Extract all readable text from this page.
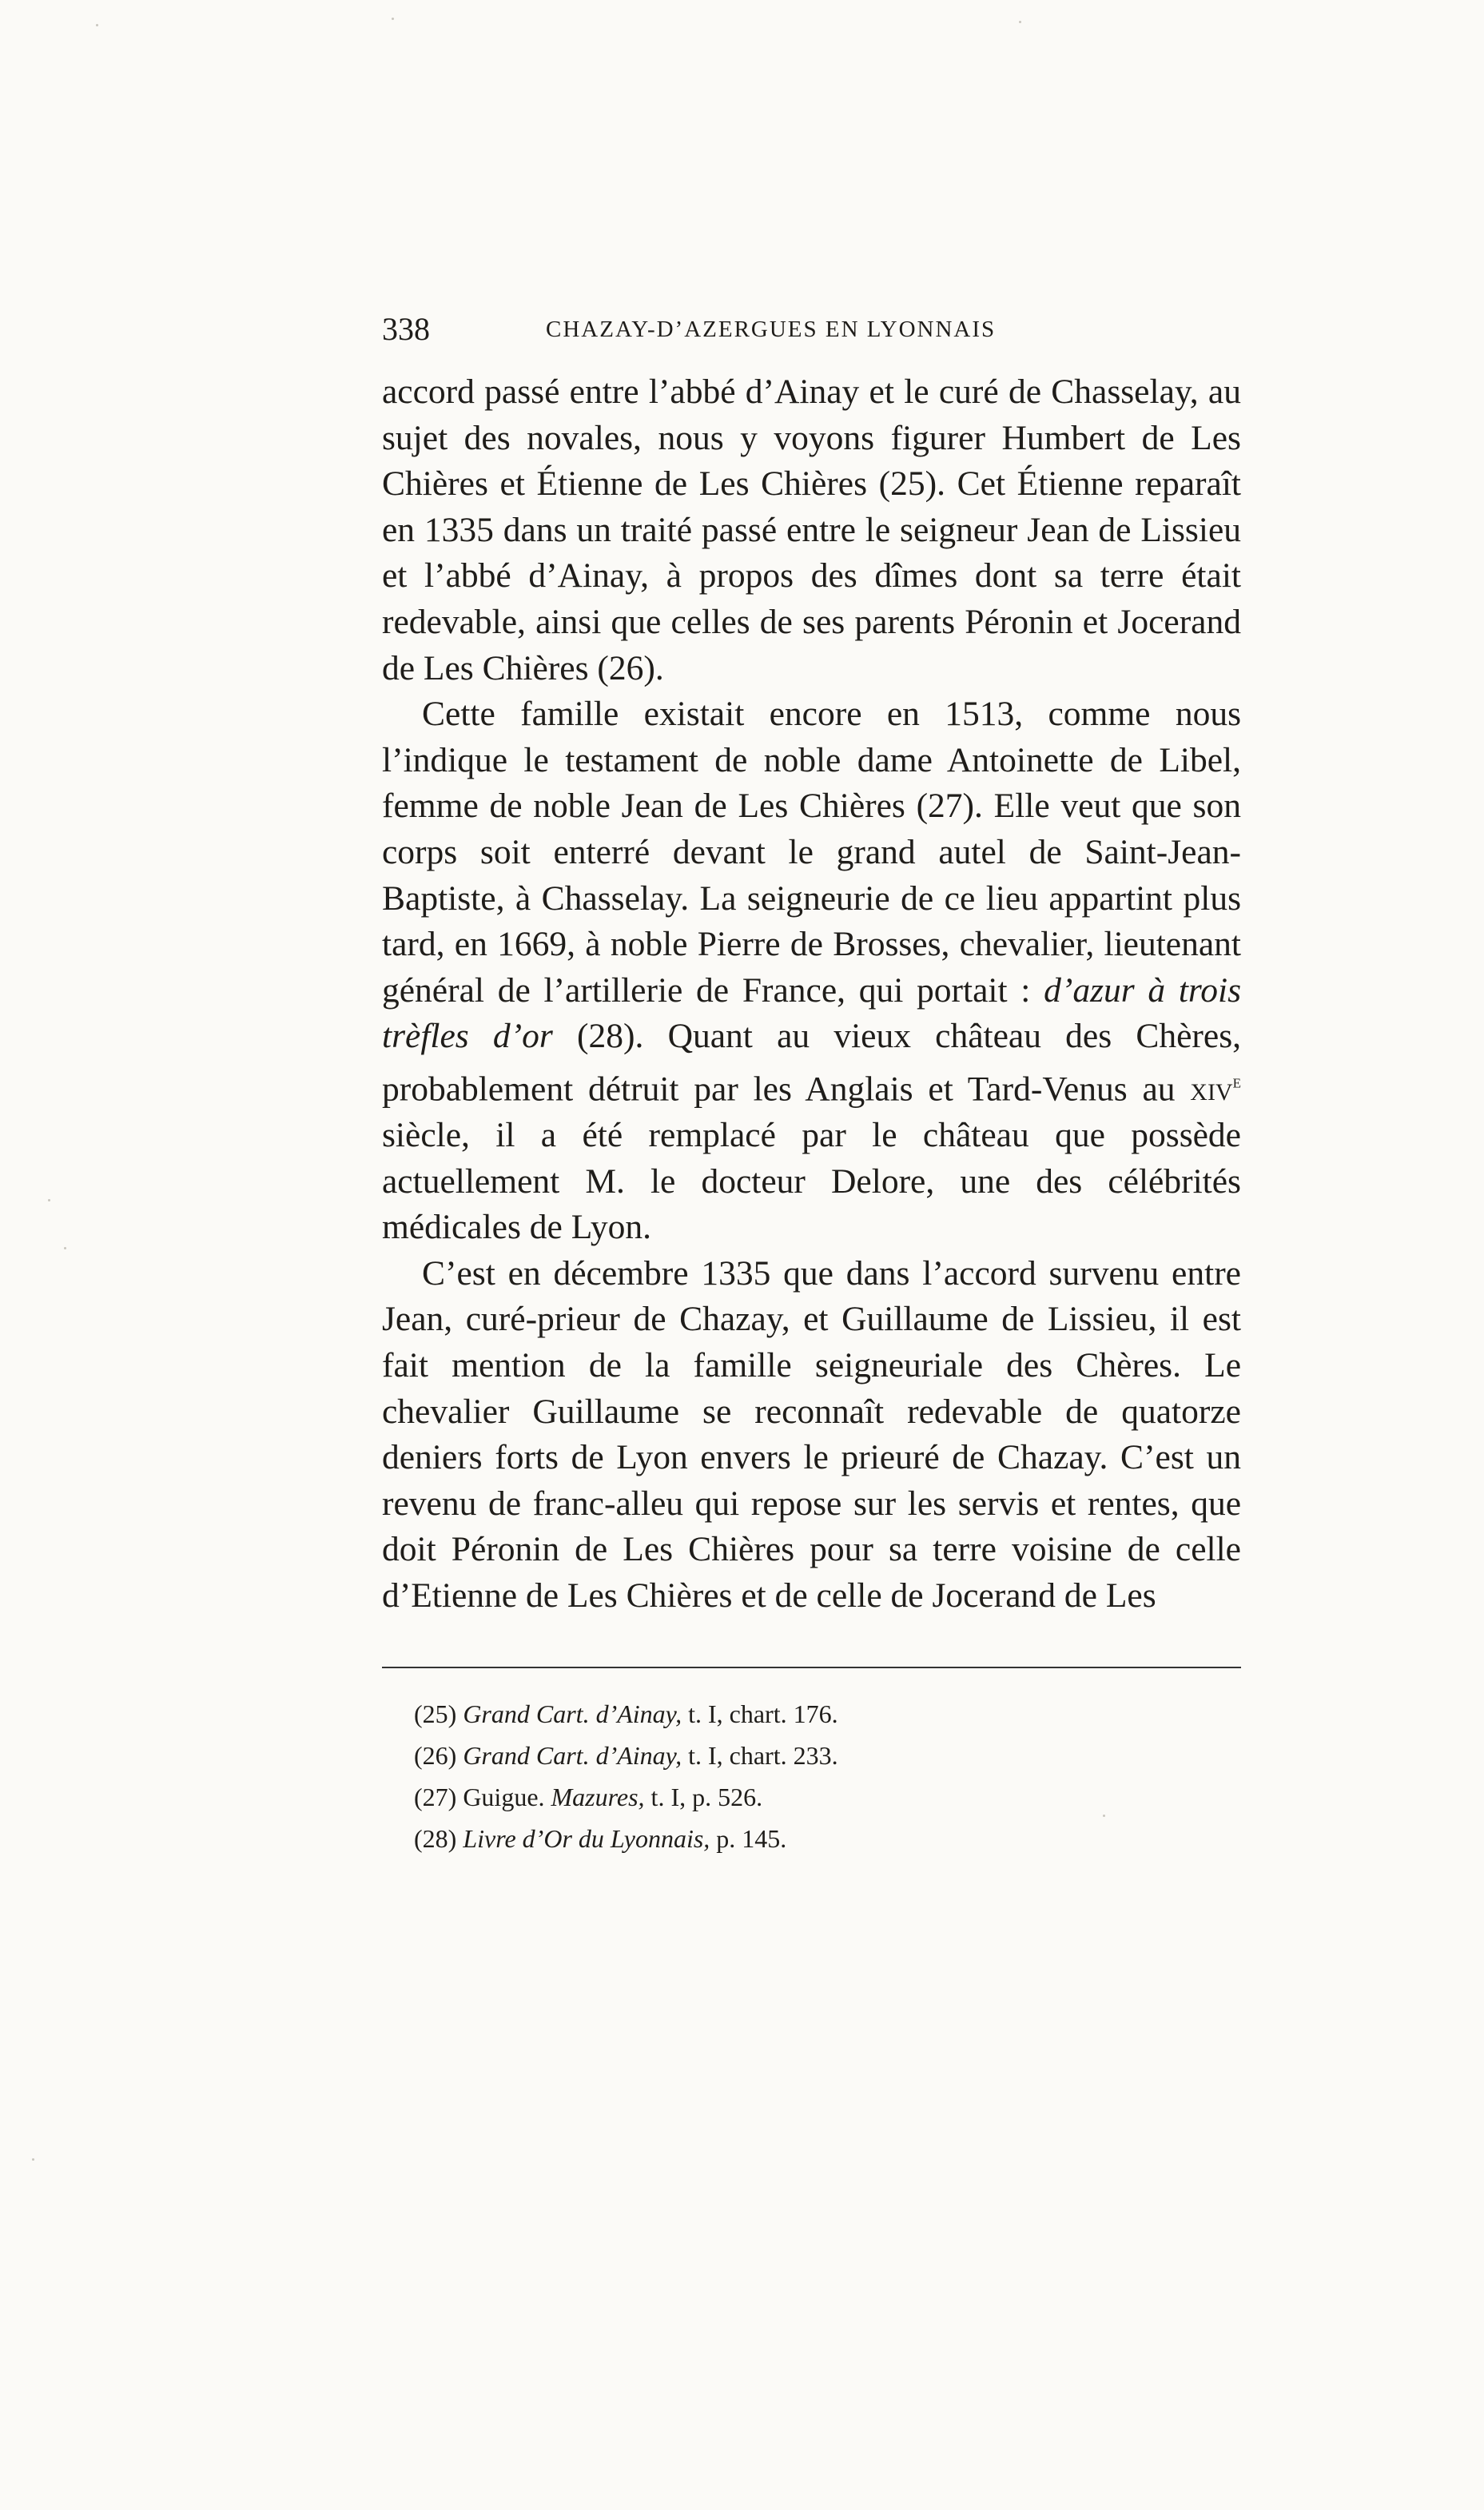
338	CHAZAY-D’AZERGUES EN LYONNAIS

accord passé entre l’abbé d’Ainay et le curé de Chasselay, au sujet des novales, nous y voyons figurer Humbert de Les Chières et Étienne de Les Chières (25). Cet Étienne reparaît en 1335 dans un traité passé entre le seigneur Jean de Lissieu et l’abbé d’Ainay, à propos des dîmes dont sa terre était redevable, ainsi que celles de ses parents Péronin et Jocerand de Les Chières (26).

Cette famille existait encore en 1513, comme nous l’indique le testament de noble dame Antoinette de Libel, femme de noble Jean de Les Chières (27). Elle veut que son corps soit enterré devant le grand autel de Saint-Jean-Baptiste, à Chasselay. La seigneurie de ce lieu appartint plus tard, en 1669, à noble Pierre de Brosses, chevalier, lieutenant général de l’artillerie de France, qui portait : d’azur à trois trèfles d’or (28). Quant au vieux château des Chères, probablement détruit par les Anglais et Tard-Venus au xiv$^e$ siècle, il a été remplacé par le château que possède actuellement M. le docteur Delore, une des célébrités médicales de Lyon.

C’est en décembre 1335 que dans l’accord survenu entre Jean, curé-prieur de Chazay, et Guillaume de Lissieu, il est fait mention de la famille seigneuriale des Chères. Le chevalier Guillaume se reconnaît redevable de quatorze deniers forts de Lyon envers le prieuré de Chazay. C’est un revenu de franc-alleu qui repose sur les servis et rentes, que doit Péronin de Les Chières pour sa terre voisine de celle d’Etienne de Les Chières et de celle de Jocerand de Les

(25) Grand Cart. d’Ainay, t. I, chart. 176.
(26) Grand Cart. d’Ainay, t. I, chart. 233.
(27) Guigue. Mazures, t. I, p. 526.
(28) Livre d’Or du Lyonnais, p. 145.
